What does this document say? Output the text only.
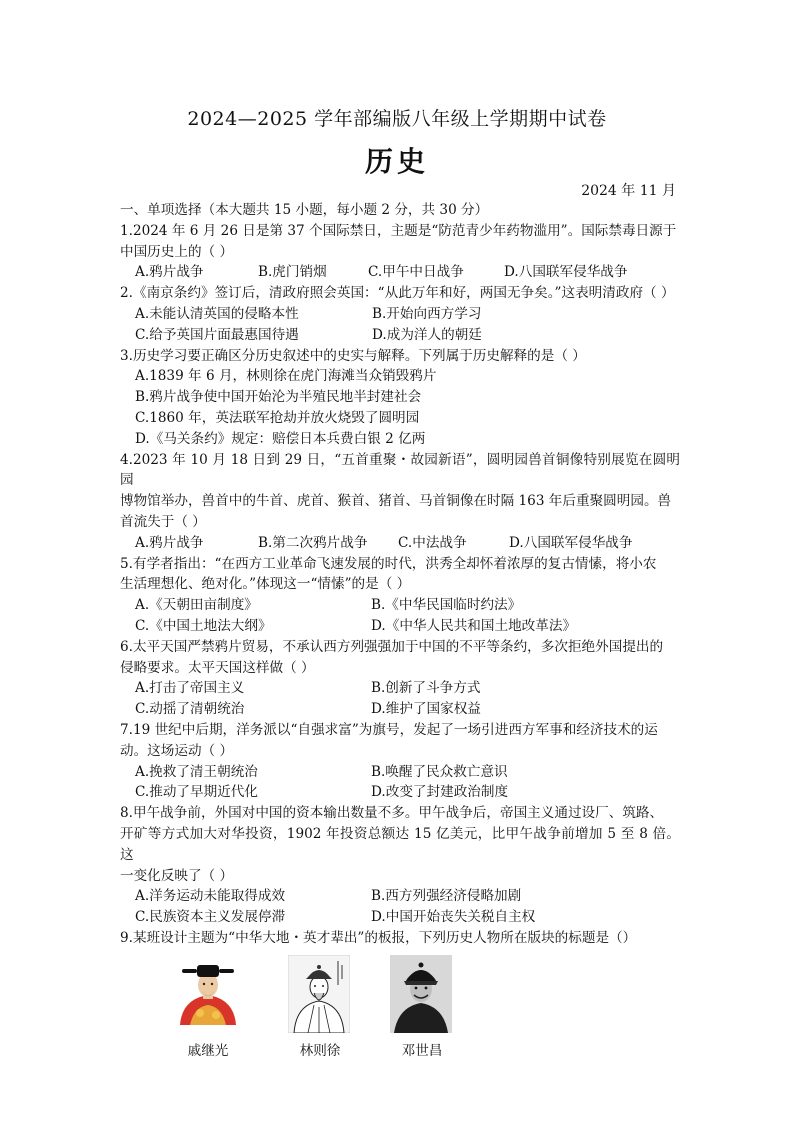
2024—2025 学年部编版八年级上学期期中试卷
历史
2024 年 11 月

一、单项选择（本大题共 15 小题，每小题 2 分，共 30 分）

1.2024 年 6 月 26 日是第 37 个国际禁日，主题是“防范青少年药物滥用”。国际禁毒日源于

中国历史上的（ ）

A.鸦片战争	B.虎门销烟	C.甲午中日战争	D.八国联军侵华战争

2.《南京条约》签订后，清政府照会英国：“从此万年和好，两国无争矣。”这表明清政府（ ）

A.未能认清英国的侵略本性	B.开始向西方学习
C.给予英国片面最惠国待遇	D.成为洋人的朝廷

3.历史学习要正确区分历史叙述中的史实与解释。下列属于历史解释的是（ ）

A.1839 年 6 月，林则徐在虎门海滩当众销毁鸦片
B.鸦片战争使中国开始沦为半殖民地半封建社会
C.1860 年，英法联军抢劫并放火烧毁了圆明园
D.《马关条约》规定：赔偿日本兵费白银 2 亿两

4.2023 年 10 月 18 日到 29 日，“五首重聚・故园新语”，圆明园兽首铜像特别展览在圆明园

博物馆举办，兽首中的牛首、虎首、猴首、猪首、马首铜像在时隔 163 年后重聚圆明园。兽

首流失于（ ）

A.鸦片战争	B.第二次鸦片战争	C.中法战争	D.八国联军侵华战争

5.有学者指出：“在西方工业革命飞速发展的时代，洪秀全却怀着浓厚的复古情愫，将小农

生活理想化、绝对化。”体现这一“情愫”的是（ ）

A.《天朝田亩制度》	B.《中华民国临时约法》
C.《中国土地法大纲》	D.《中华人民共和国土地改革法》

6.太平天国严禁鸦片贸易，不承认西方列强强加于中国的不平等条约，多次拒绝外国提出的

侵略要求。太平天国这样做（ ）

A.打击了帝国主义	B.创新了斗争方式
C.动摇了清朝统治	D.维护了国家权益

7.19 世纪中后期，洋务派以“自强求富”为旗号，发起了一场引进西方军事和经济技术的运

动。这场运动（ ）

A.挽救了清王朝统治	B.唤醒了民众救亡意识
C.推动了早期近代化	D.改变了封建政治制度

8.甲午战争前，外国对中国的资本输出数量不多。甲午战争后，帝国主义通过设厂、筑路、

开矿等方式加大对华投资，1902 年投资总额达 15 亿美元，比甲午战争前增加 5 至 8 倍。这

一变化反映了（ ）

A.洋务运动未能取得成效	B.西方列强经济侵略加剧
C.民族资本主义发展停滞	D.中国开始丧失关税自主权

9.某班设计主题为“中华大地・英才辈出”的板报，下列历史人物所在版块的标题是（）

戚继光	林则徐	邓世昌
